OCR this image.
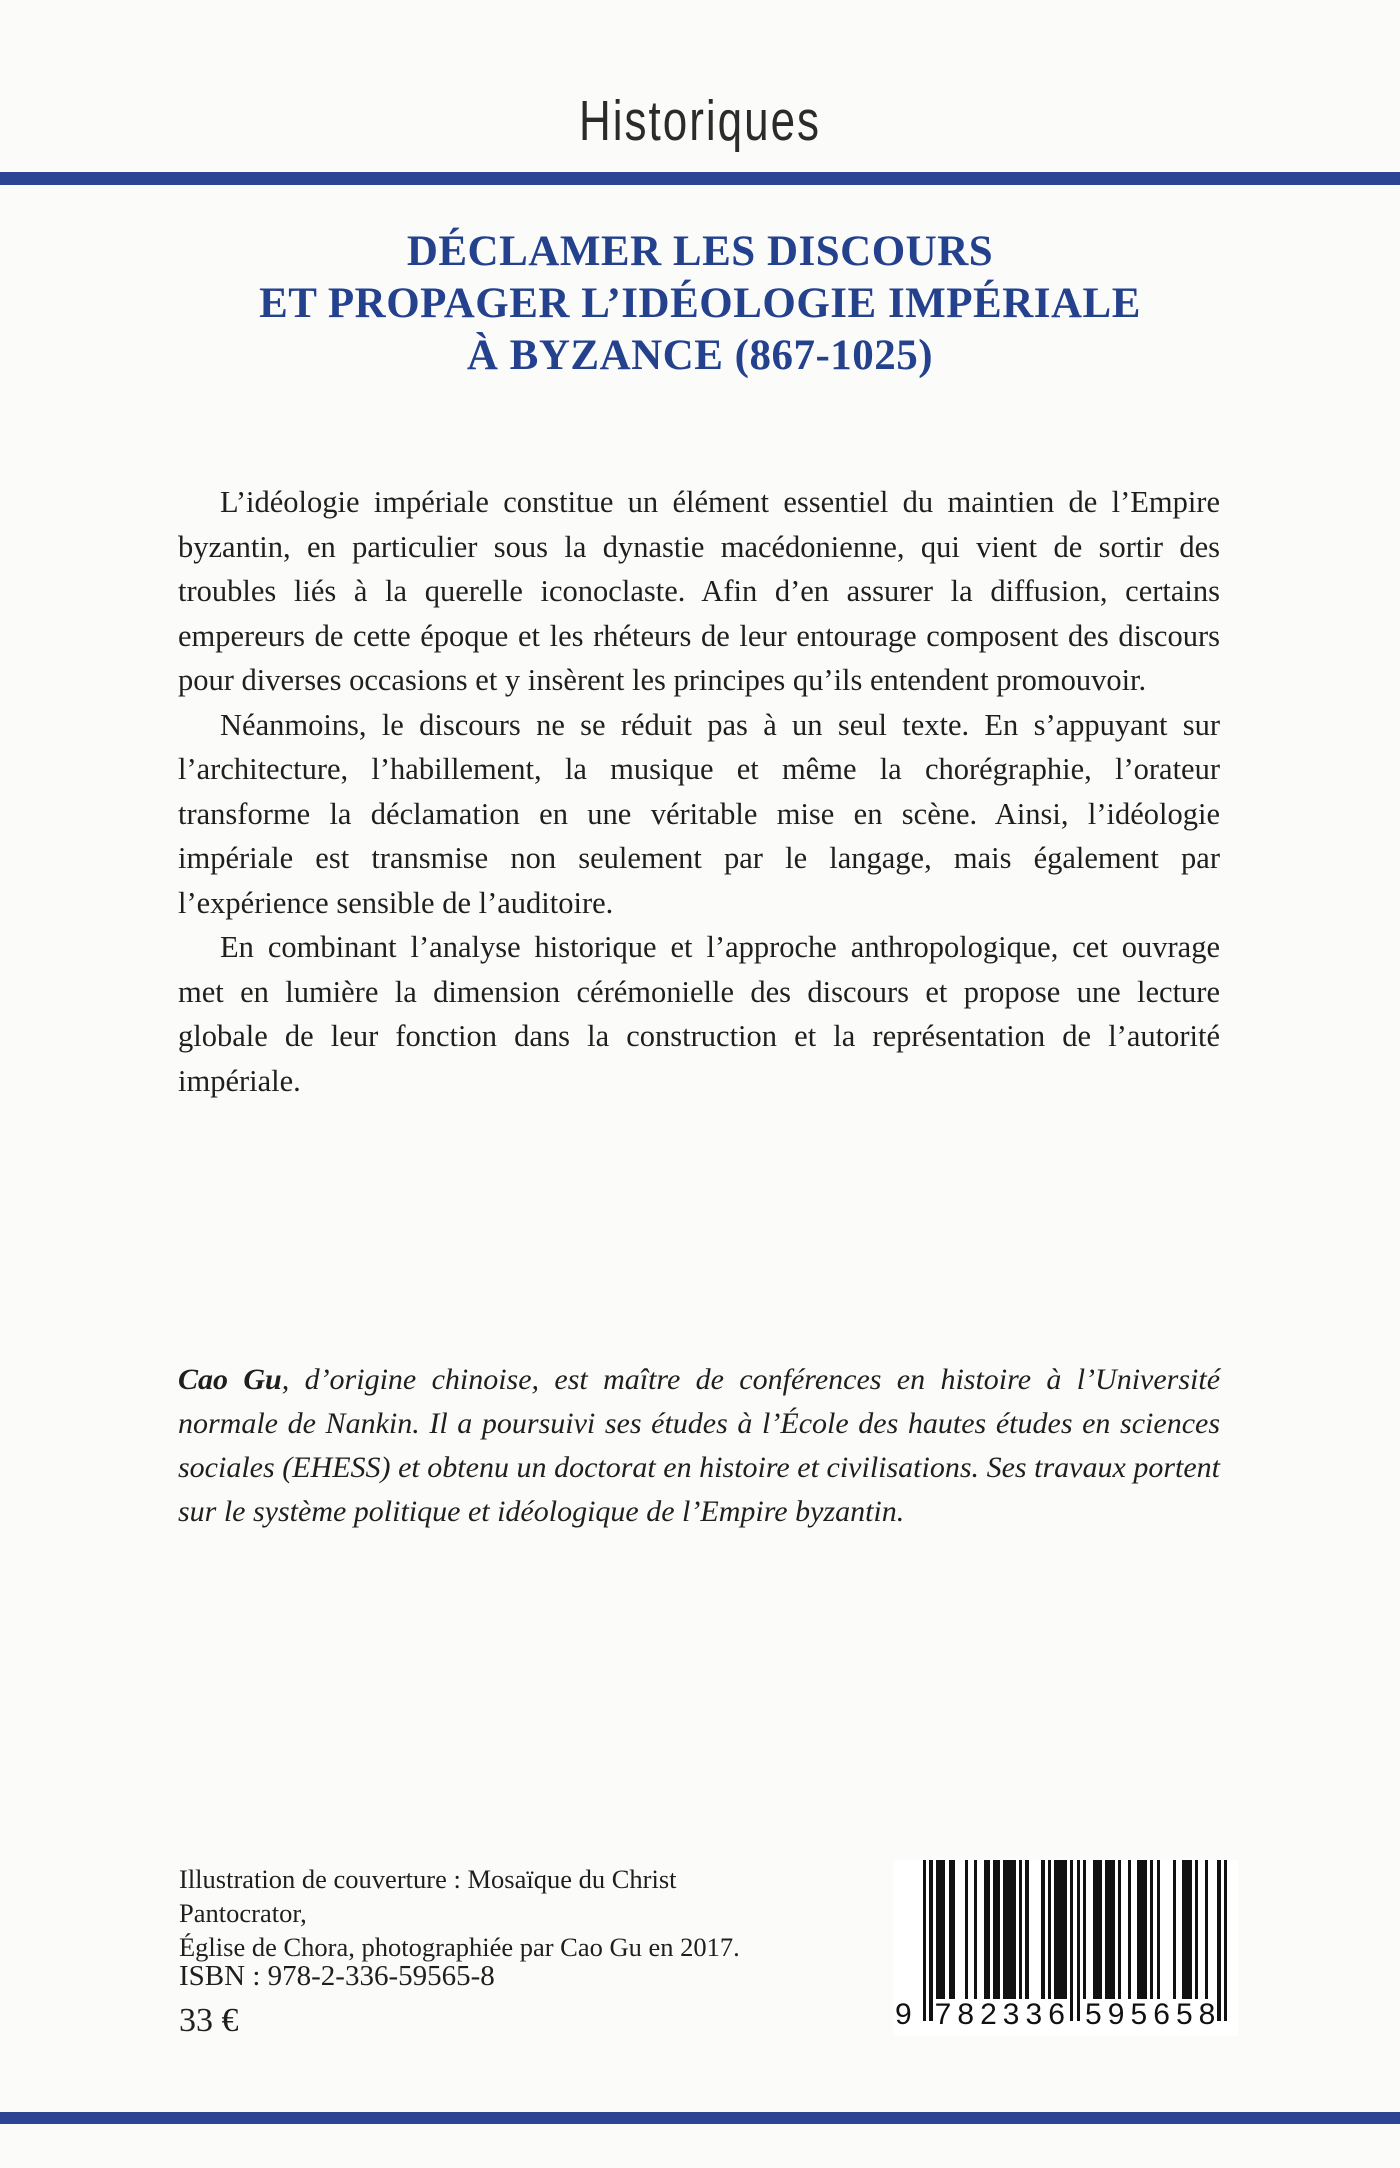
Historiques
DÉCLAMER LES DISCOURS
ET PROPAGER L’IDÉOLOGIE IMPÉRIALE
À BYZANCE (867-1025)

L’idéologie impériale constitue un élément essentiel du maintien de l’Empire byzantin, en particulier sous la dynastie macédonienne, qui vient de sortir des troubles liés à la querelle iconoclaste. Afin d’en assurer la diffusion, certains empereurs de cette époque et les rhéteurs de leur entourage composent des discours pour diverses occasions et y insèrent les principes qu’ils entendent promouvoir.

Néanmoins, le discours ne se réduit pas à un seul texte. En s’appuyant sur l’architecture, l’habillement, la musique et même la chorégraphie, l’orateur transforme la déclamation en une véritable mise en scène. Ainsi, l’idéologie impériale est transmise non seulement par le langage, mais également par l’expérience sensible de l’auditoire.

En combinant l’analyse historique et l’approche anthropologique, cet ouvrage met en lumière la dimension cérémonielle des discours et propose une lecture globale de leur fonction dans la construction et la représentation de l’autorité impériale.

Cao Gu, d’origine chinoise, est maître de conférences en histoire à l’Université normale de Nankin. Il a poursuivi ses études à l’École des hautes études en sciences sociales (EHESS) et obtenu un doctorat en histoire et civilisations. Ses travaux portent sur le système politique et idéologique de l’Empire byzantin.

Illustration de couverture : Mosaïque du Christ Pantocrator,

Église de Chora, photographiée par Cao Gu en 2017.

ISBN : 978-2-336-59565-8
33 €	9 7 8 2 3 3 6 5 9 5 6 5 8
